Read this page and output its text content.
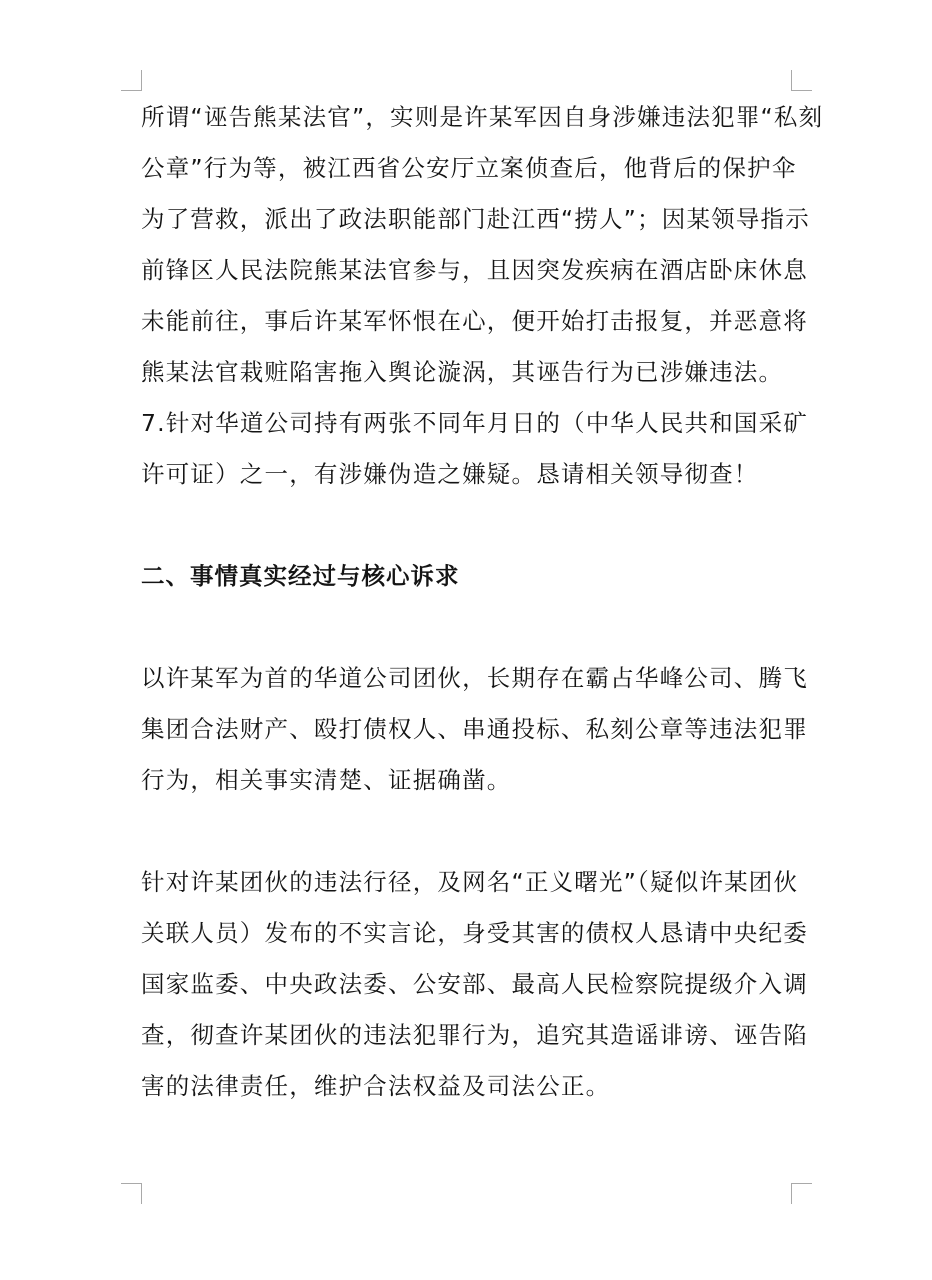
所谓“诬告熊某法官”，实则是许某军因自身涉嫌违法犯罪“私刻
公章”行为等，被江西省公安厅立案侦查后，他背后的保护伞
为了营救，派出了政法职能部门赴江西“捞人”；因某领导指示
前锋区人民法院熊某法官参与，且因突发疾病在酒店卧床休息
未能前往，事后许某军怀恨在心，便开始打击报复，并恶意将
熊某法官栽赃陷害拖入舆论漩涡，其诬告行为已涉嫌违法。
7.针对华道公司持有两张不同年月日的（中华人民共和国采矿
许可证）之一，有涉嫌伪造之嫌疑。恳请相关领导彻查！
二、事情真实经过与核心诉求
以许某军为首的华道公司团伙，长期存在霸占华峰公司、腾飞
集团合法财产、殴打债权人、串通投标、私刻公章等违法犯罪
行为，相关事实清楚、证据确凿。
针对许某团伙的违法行径，及网名“正义曙光”（疑似许某团伙
关联人员）发布的不实言论，身受其害的债权人恳请中央纪委
国家监委、中央政法委、公安部、最高人民检察院提级介入调
查，彻查许某团伙的违法犯罪行为，追究其造谣诽谤、诬告陷
害的法律责任，维护合法权益及司法公正。
